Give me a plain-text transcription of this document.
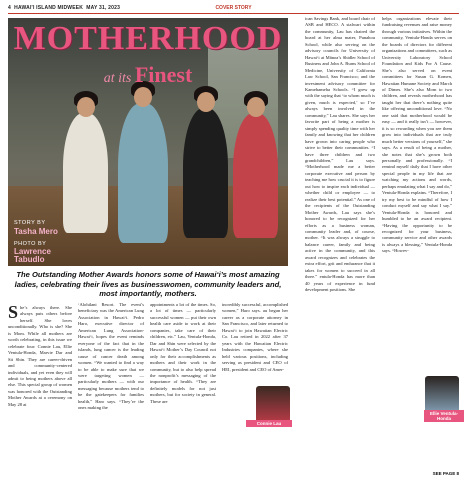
4 HAWAI'I ISLAND MIDWEEK MAY 31, 2023	COVER STORY
MOTHERHOOD
at its Finest
STORY BY
Tasha Mero
PHOTO BY
Lawrence Tabudlo
The Outstanding Mother Awards honors some of Hawai‘i’s most amazing ladies, celebrating their lives as businesswomen, community leaders and, most importantly, mothers.
S he’s always there. She always puts others before herself. She loves unconditionally. Who is she? She is Mom. While all mothers are worth celebrating, in this issue we celebrate four: Connie Lau, Ellie Ventula-Honda, Marvie Dar and Sit Shin. They are career-driven and community-centered individuals, and yet even they will admit to being mothers above all else. This special group of women was honored with the Outstanding Mother Awards at a ceremony on May 28 at

‘Alohilani Resort. The event’s beneficiary was the American Lung Association in Hawai‘i. Pedro Haro, executive director of American Lung Association-Hawai‘i, hopes the event reminds everyone of the fact that in the islands, lung cancer is the leading cause of cancer death among women. “We wanted to find a way to be able to make sure that we were targeting women — particularly mothers — with our messaging because mothers tend to be the gatekeepers for families health,” Haro says. “They’re the ones making the

appointments a lot of the times. So, a lot of times — particularly successful women — put their own health care aside to work at their companies, take care of their children, etc.” Lau, Ventula-Honda, Dar and Shin were selected by the Hawai‘i Mother’s Day Council not only for their accomplishments as mothers and their work in the community, but to also help spread the nonprofit’s messaging of the importance of health. “They are definitely models for not just mothers, but for society in general. These are

incredibly successful, accomplished women,” Haro says. au began her career as a corporate attorney in San Francisco, and later returned to Hawai‘i to join Hawaiian Electric Co. Lau retired in 2022 after 37 years with the Hawaiian Electric Industries companies, where she held various positions, including serving as president and CEO of HEI, president and CEO of Amer-

ican Savings Bank, and board chair of ASB and HECO. A stalwart within the community, Lau has chaired the board at her alma mater, Punahou School, while also serving on the advisory councils for University of Hawai‘i at Mānoa’s Shidler School of Business and John A. Burns School of Medicine, University of California Law School, San Francisco; and the investment advisory committee for Kamehameha Schools. “I grew up with the saying that ‘to whom much is given, much is expected,’ so I’ve always been involved in the community,” Lau shares. She says her favorite part of being a mother is simply spending quality time with her family and knowing that her children have grown into caring people who strive to better their communities. “I have three children and two grandchildren,” Lau says. “Motherhood made me a better corporate executive and person by teaching me how crucial it is to figure out how to inspire each individual — whether child or employee — to realize their best potential.” As one of the recipients of the Outstanding Mother Awards, Lau says she’s honored to be recognized for her efforts as a business woman, community leader and, of course, mother. “It was always a struggle to balance career, family and being active in the community, and this award recognizes and celebrates the extra effort, grit and endurance that it takes for women to succeed in all three.” entula-Honda has more than 40 years of experience in fund development positions. She

helps organizations elevate their fundraising revenues and raise money through various initiatives. Within the community, Ventula-Honda serves on the boards of directors for different organizations and committees, such as University Laboratory School Foundation and Kids For A Cause. She’s also served on event committees for Susan G. Komen, Hawaiian Humane Society and March of Dimes. She’s also Mom to two children, and reveals motherhood has taught her that there’s nothing quite like offering unconditional love. “No one said that motherhood would be easy — and it really isn’t — however, it is so rewarding when you see them grow into individuals that are truly much better versions of yourself,” she says. As a result of being a mother, she notes that she’s grown both personally and professionally. “I remind myself daily that I have other special people in my life that are watching my actions and words, perhaps emulating what I say and do,” Ventula-Honda explains. “Therefore, I try my best to be mindful of how I conduct myself and say what I say.” Ventula-Honda is honored and humbled to be an award recipient. “Having the opportunity to be recognized for your business, community service and other awards is always a blessing,” Ventula-Honda says. “Howev-

Connie Lau
Ellie Ventula-Honda
SEE PAGE 8
